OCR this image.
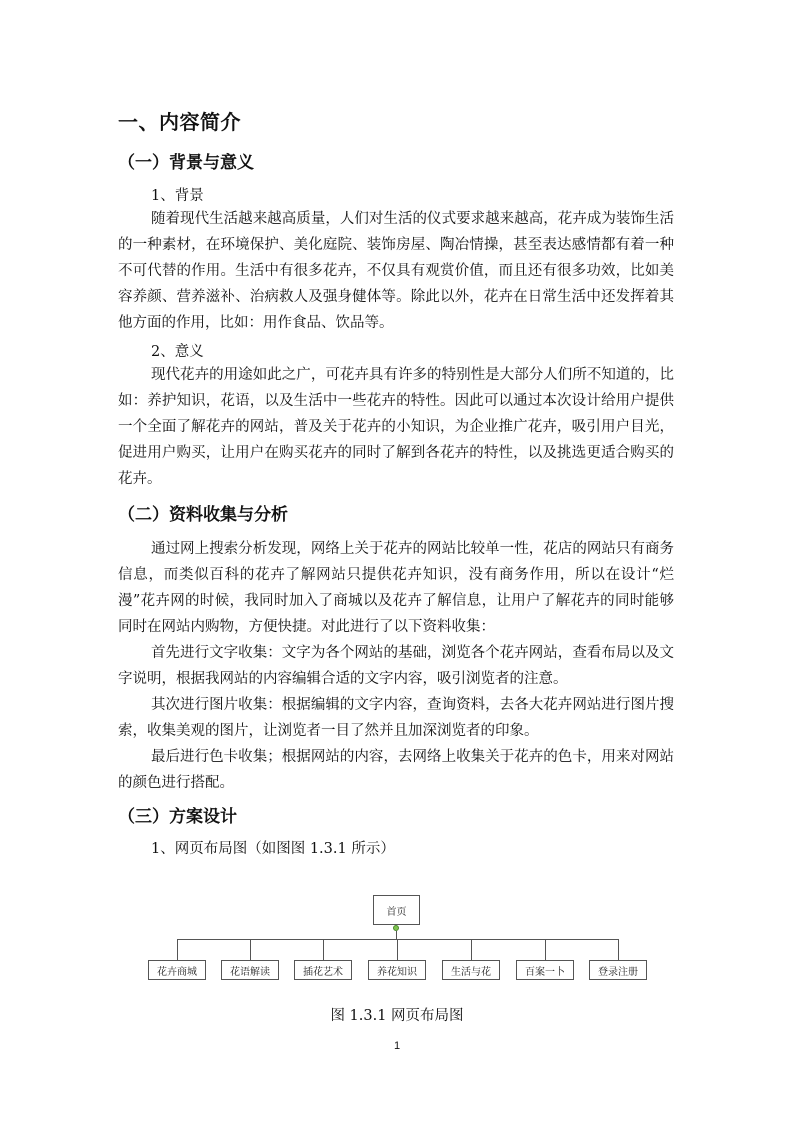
一、内容简介
（一）背景与意义
1、背景

随着现代生活越来越高质量，人们对生活的仪式要求越来越高，花卉成为装饰生活的一种素材，在环境保护、美化庭院、装饰房屋、陶冶情操，甚至表达感情都有着一种不可代替的作用。生活中有很多花卉，不仅具有观赏价值，而且还有很多功效，比如美容养颜、营养滋补、治病救人及强身健体等。除此以外，花卉在日常生活中还发挥着其他方面的作用，比如：用作食品、饮品等。

2、意义

现代花卉的用途如此之广，可花卉具有许多的特别性是大部分人们所不知道的，比如：养护知识，花语，以及生活中一些花卉的特性。因此可以通过本次设计给用户提供一个全面了解花卉的网站，普及关于花卉的小知识，为企业推广花卉，吸引用户目光，促进用户购买，让用户在购买花卉的同时了解到各花卉的特性，以及挑选更适合购买的花卉。

（二）资料收集与分析

通过网上搜索分析发现，网络上关于花卉的网站比较单一性，花店的网站只有商务信息，而类似百科的花卉了解网站只提供花卉知识，没有商务作用，所以在设计“烂漫”花卉网的时候，我同时加入了商城以及花卉了解信息，让用户了解花卉的同时能够同时在网站内购物，方便快捷。对此进行了以下资料收集：

首先进行文字收集：文字为各个网站的基础，浏览各个花卉网站，查看布局以及文字说明，根据我网站的内容编辑合适的文字内容，吸引浏览者的注意。

其次进行图片收集：根据编辑的文字内容，查询资料，去各大花卉网站进行图片搜索，收集美观的图片，让浏览者一目了然并且加深浏览者的印象。

最后进行色卡收集；根据网站的内容，去网络上收集关于花卉的色卡，用来对网站的颜色进行搭配。

（三）方案设计
1、网页布局图（如图图 1.3.1 所示）
首页
花卉商城	花语解读	插花艺术	养花知识	生活与花	百案一卜	登录注册
图 1.3.1 网页布局图
1
